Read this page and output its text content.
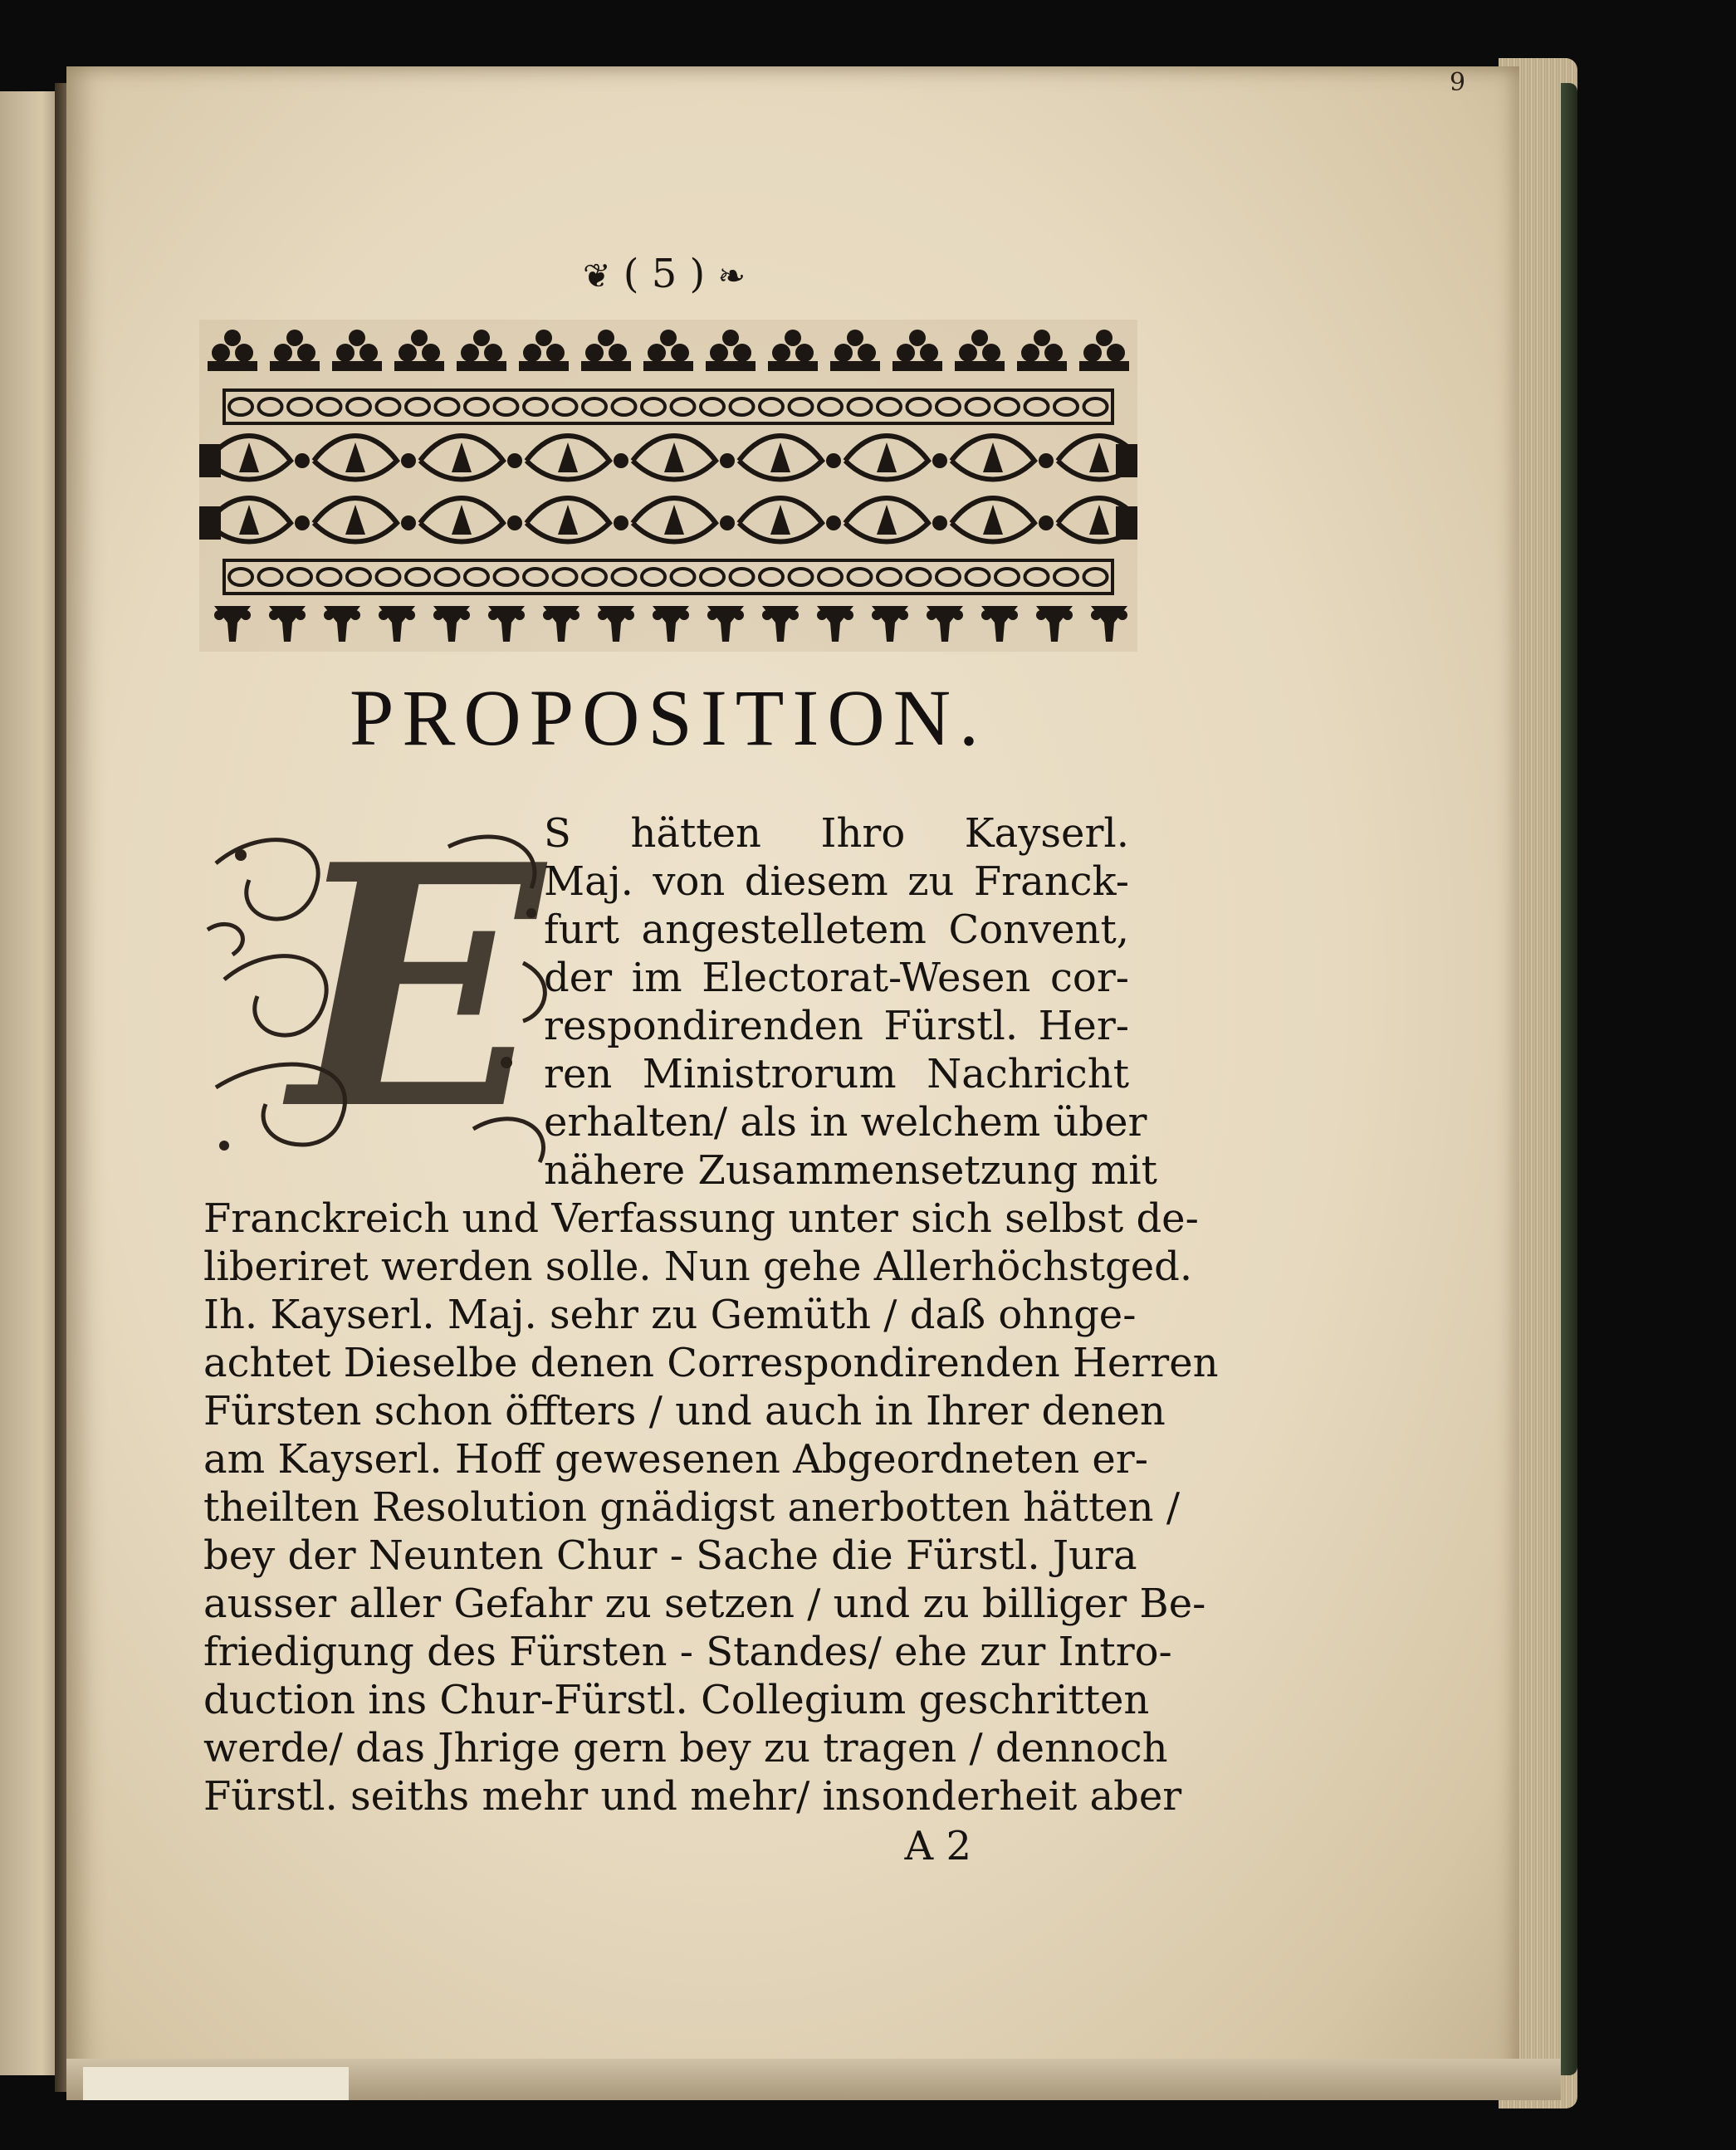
9
❦ ( 5 ) ❧
PROPOSITION.
E S hätten Ihro Kayserl.
Maj. von diesem zu Franck-
furt angestelletem Convent,
der im Electorat-Wesen cor-
respondirenden Fürstl. Her-
ren Ministrorum Nachricht
erhalten/ als in welchem über
nähere Zusammensetzung mit
Franckreich und Verfassung unter sich selbst de-
liberiret werden solle. Nun gehe Allerhöchstged.
Ih. Kayserl. Maj. sehr zu Gemüth / daß ohnge-
achtet Dieselbe denen Correspondirenden Herren
Fürsten schon öffters / und auch in Ihrer denen
am Kayserl. Hoff gewesenen Abgeordneten er-
theilten Resolution gnädigst anerbotten hätten /
bey der Neunten Chur - Sache die Fürstl. Jura
ausser aller Gefahr zu setzen / und zu billiger Be-
friedigung des Fürsten - Standes/ ehe zur Intro-
duction ins Chur-Fürstl. Collegium geschritten
werde/ das Jhrige gern bey zu tragen / dennoch
Fürstl. seiths mehr und mehr/ insonderheit aber
A 2
